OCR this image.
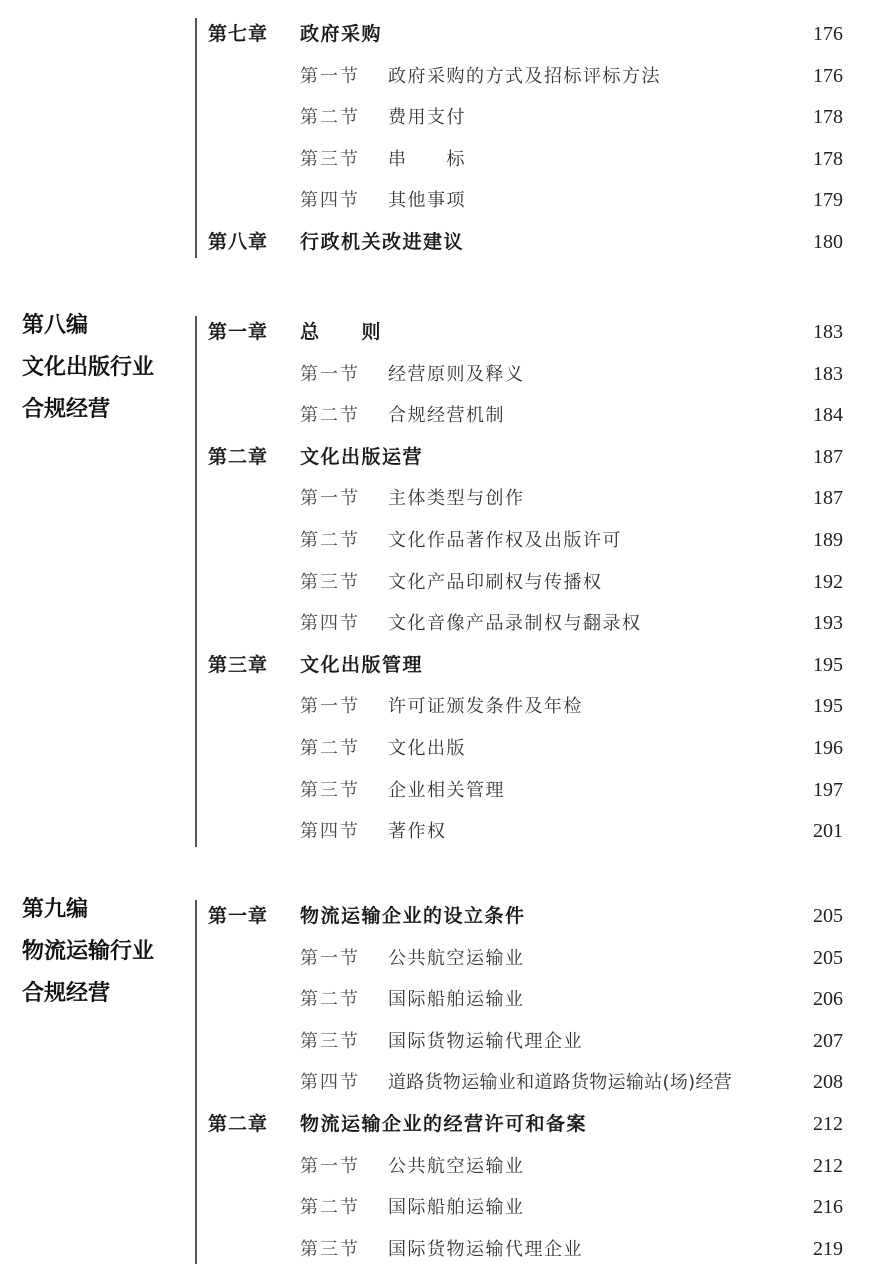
第七章 政府采购	176
第一节 政府采购的方式及招标评标方法	176
第二节 费用支付	178
第三节 串　　标	178
第四节 其他事项	179
第八章 行政机关改进建议	180
第八编
文化出版行业
合规经营
第一章 总　　则	183
第一节 经营原则及释义	183
第二节 合规经营机制	184
第二章 文化出版运营	187
第一节 主体类型与创作	187
第二节 文化作品著作权及出版许可	189
第三节 文化产品印刷权与传播权	192
第四节 文化音像产品录制权与翻录权	193
第三章 文化出版管理	195
第一节 许可证颁发条件及年检	195
第二节 文化出版	196
第三节 企业相关管理	197
第四节 著作权	201
第九编
物流运输行业
合规经营
第一章 物流运输企业的设立条件	205
第一节 公共航空运输业	205
第二节 国际船舶运输业	206
第三节 国际货物运输代理企业	207
第四节 道路货物运输业和道路货物运输站(场)经营	208
第二章 物流运输企业的经营许可和备案	212
第一节 公共航空运输业	212
第二节 国际船舶运输业	216
第三节 国际货物运输代理企业	219
